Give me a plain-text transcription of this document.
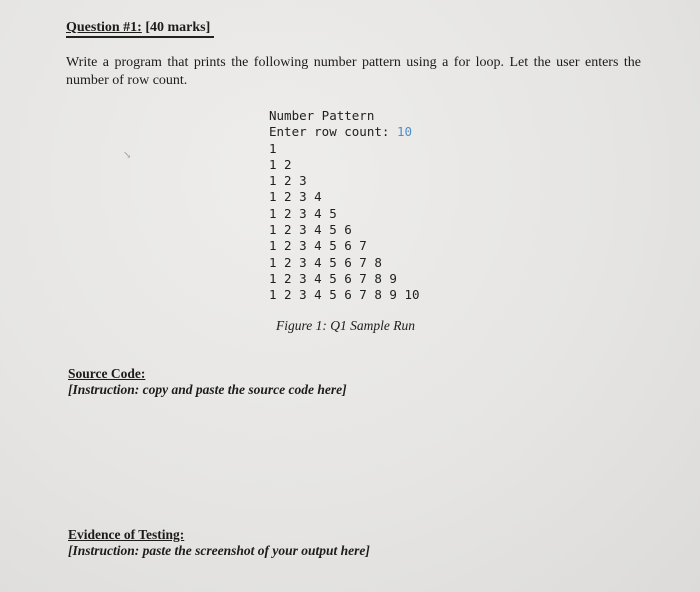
Question #1: [40 marks]
Write a program that prints the following number pattern using a for loop. Let the user enters the number of row count.
↘
Number Pattern
Enter row count: 10
1
1 2
1 2 3
1 2 3 4
1 2 3 4 5
1 2 3 4 5 6
1 2 3 4 5 6 7
1 2 3 4 5 6 7 8
1 2 3 4 5 6 7 8 9
1 2 3 4 5 6 7 8 9 10
Figure 1: Q1 Sample Run
Source Code:
[Instruction: copy and paste the source code here]
Evidence of Testing:
[Instruction: paste the screenshot of your output here]
